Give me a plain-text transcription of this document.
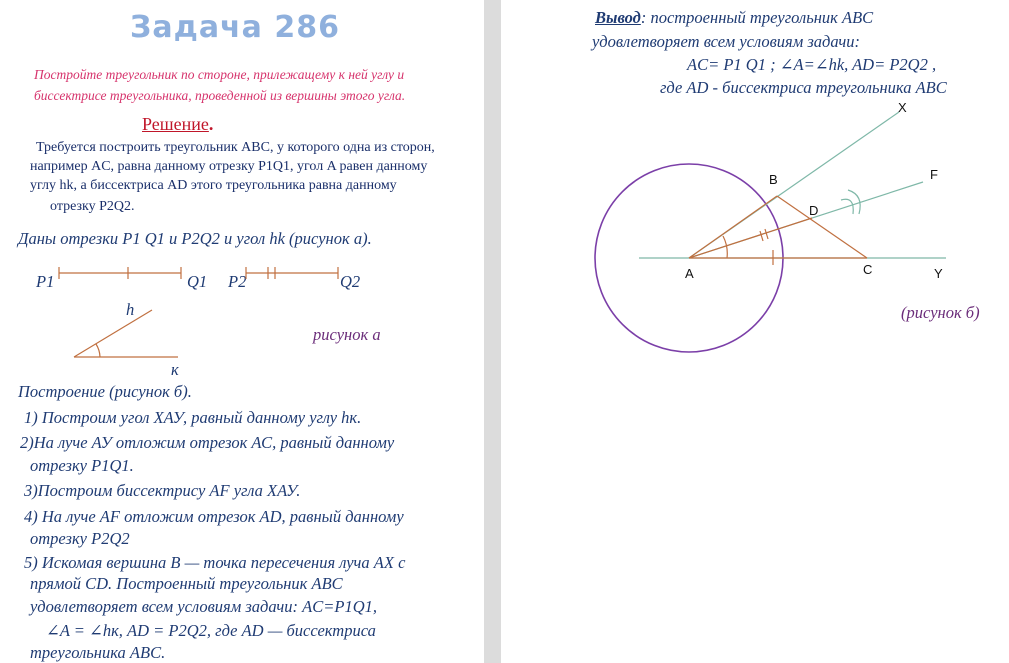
Задача 286
Постройте треугольник по стороне, прилежащему к ней углу и
биссектрисе треугольника, проведенной из вершины этого угла.
Решение.
Требуется построить треугольник ABC, у которого одна из сторон,
например AC, равна данному отрезку P1Q1, угол A равен данному
углу hk, а биссектриса AD этого треугольника равна данному
отрезку P2Q2.
Даны отрезки P1 Q1 и P2Q2 и угол hk (рисунок а).
P1	Q1 P2	Q2
h
к
рисунок а
Построение (рисунок б).
1) Построим угол ХАУ, равный данному углу hк.
2)На луче АУ отложим отрезок АС, равный данному
отрезку P1Q1.
3)Построим биссектрису AF угла ХАУ.
4) На луче AF отложим отрезок AD, равный данному
отрезку P2Q2
5) Искомая вершина B — точка пересечения луча AX с
прямой CD. Построенный треугольник ABC
удовлетворяет всем условиям задачи: AC=P1Q1,
∠A = ∠hк, AD = P2Q2, где AD — биссектриса
треугольника ABC.
Вывод: построенный треугольник ABC
удовлетворяет всем условиям задачи:
AC= P1 Q1 ; ∠A=∠hk, AD= P2Q2 ,
где AD - биссектриса треугольника ABC
X
B	F
D
A	C	Y
(рисунок б)
